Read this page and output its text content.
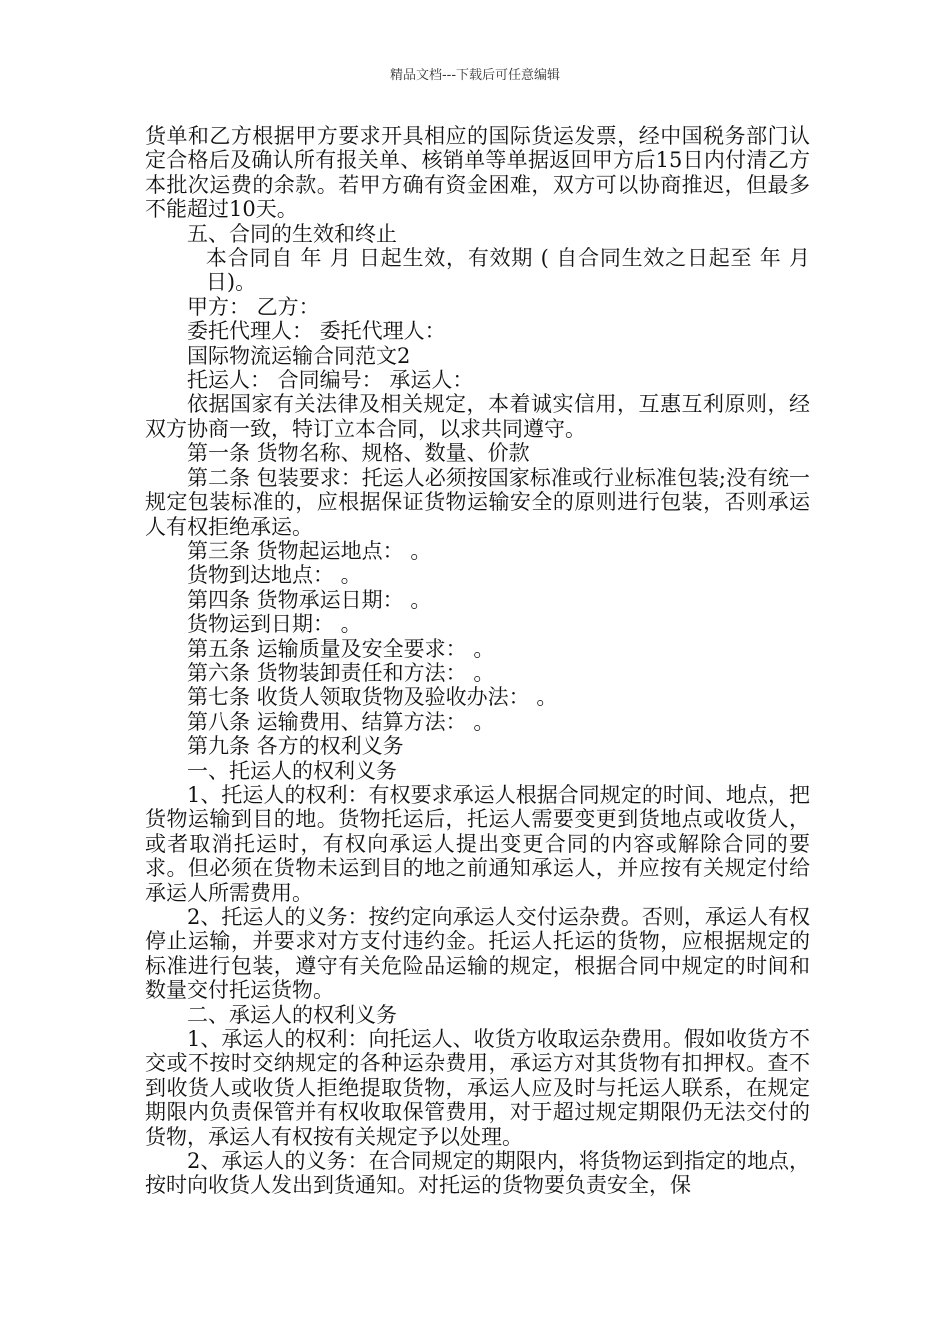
精品文档---下载后可任意编辑

货单和乙方根据甲方要求开具相应的国际货运发票，经中国税务部门认定合格后及确认所有报关单、核销单等单据返回甲方后15日内付清乙方本批次运费的余款。若甲方确有资金困难，双方可以协商推迟，但最多不能超过10天。

五、合同的生效和终止

本合同自 年 月 日起生效，有效期 ( 自合同生效之日起至 年 月 日)。

甲方： 乙方：

委托代理人： 委托代理人：

国际物流运输合同范文2

托运人： 合同编号： 承运人：

依据国家有关法律及相关规定，本着诚实信用，互惠互利原则，经双方协商一致，特订立本合同，以求共同遵守。

第一条 货物名称、规格、数量、价款

第二条 包装要求：托运人必须按国家标准或行业标准包装;没有统一规定包装标准的，应根据保证货物运输安全的原则进行包装，否则承运人有权拒绝承运。

第三条 货物起运地点： 。

货物到达地点： 。

第四条 货物承运日期： 。

货物运到日期： 。

第五条 运输质量及安全要求： 。

第六条 货物装卸责任和方法： 。

第七条 收货人领取货物及验收办法： 。

第八条 运输费用、结算方法： 。

第九条 各方的权利义务

一、托运人的权利义务

1、托运人的权利：有权要求承运人根据合同规定的时间、地点，把货物运输到目的地。货物托运后，托运人需要变更到货地点或收货人，或者取消托运时，有权向承运人提出变更合同的内容或解除合同的要求。但必须在货物未运到目的地之前通知承运人，并应按有关规定付给承运人所需费用。

2、托运人的义务：按约定向承运人交付运杂费。否则，承运人有权停止运输，并要求对方支付违约金。托运人托运的货物，应根据规定的标准进行包装，遵守有关危险品运输的规定，根据合同中规定的时间和数量交付托运货物。

二、承运人的权利义务

1、承运人的权利：向托运人、收货方收取运杂费用。假如收货方不交或不按时交纳规定的各种运杂费用，承运方对其货物有扣押权。查不到收货人或收货人拒绝提取货物，承运人应及时与托运人联系，在规定期限内负责保管并有权收取保管费用，对于超过规定期限仍无法交付的货物，承运人有权按有关规定予以处理。

2、承运人的义务：在合同规定的期限内，将货物运到指定的地点，按时向收货人发出到货通知。对托运的货物要负责安全，保
